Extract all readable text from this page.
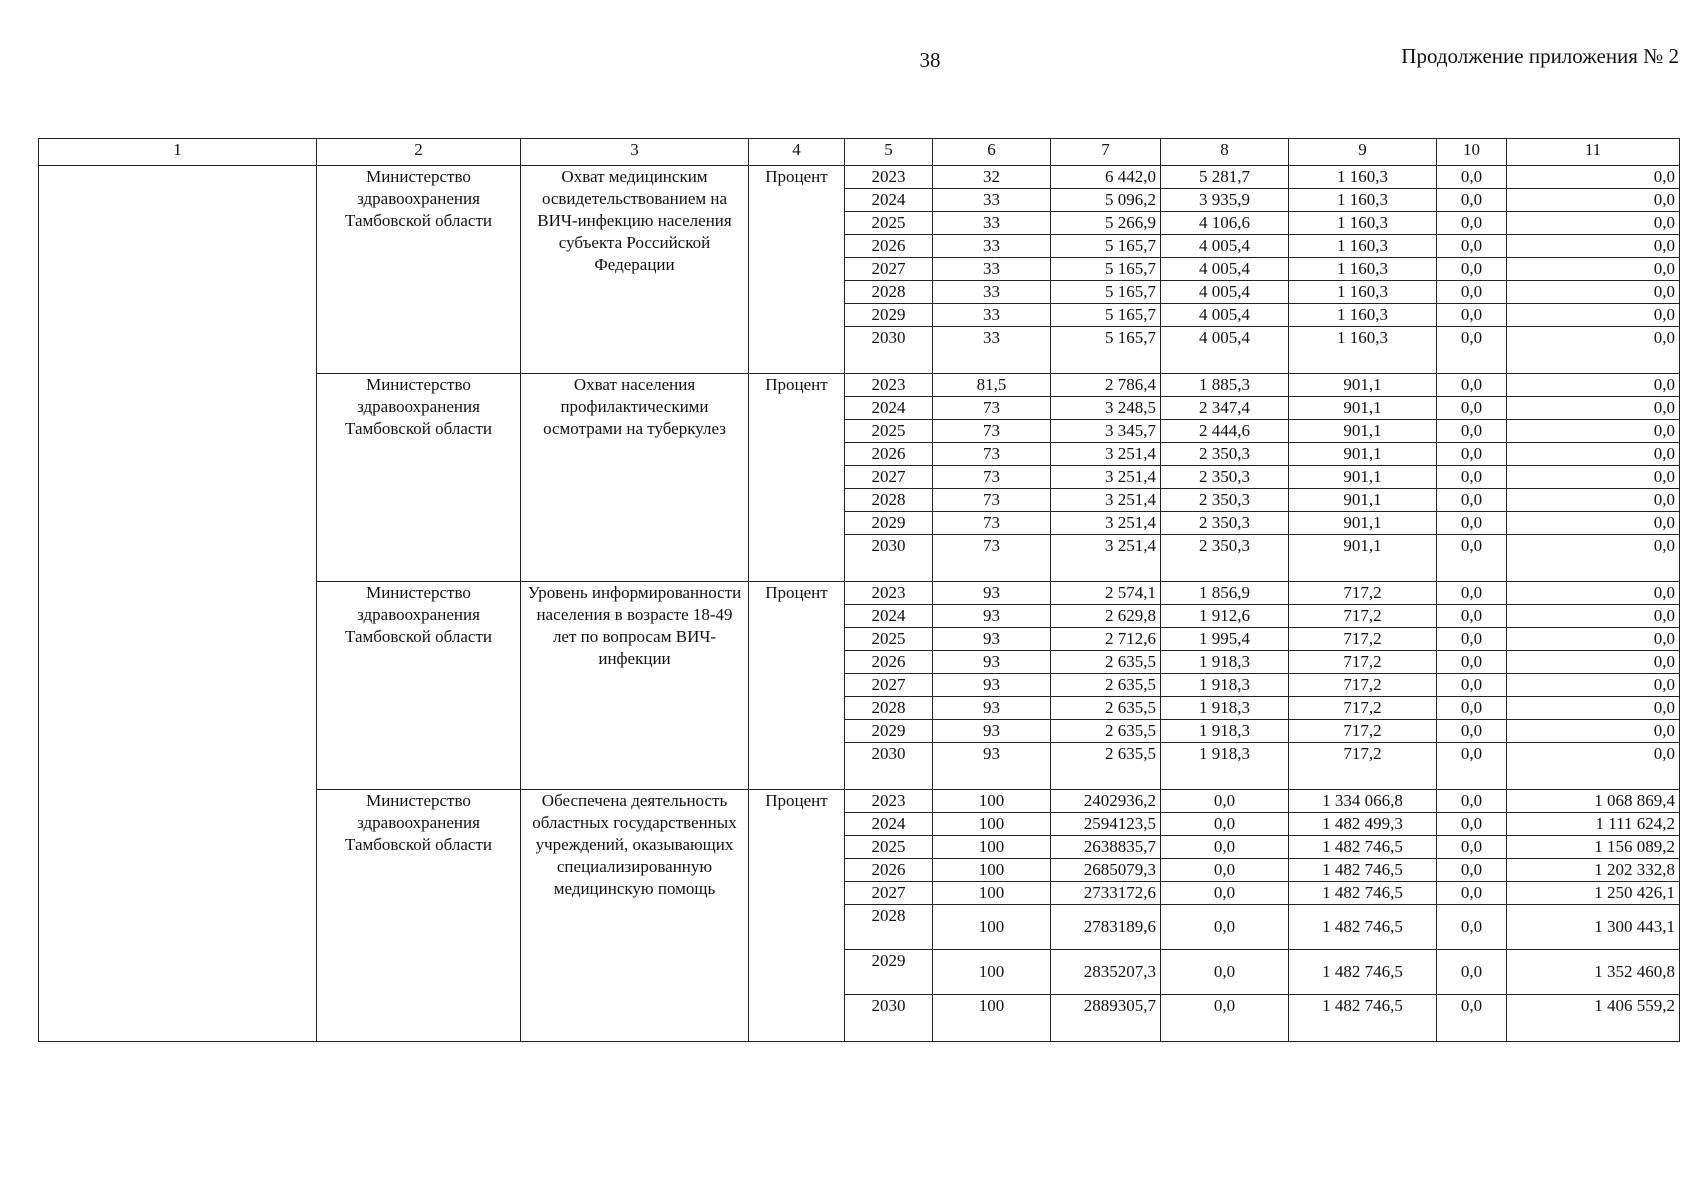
38	Продолжение приложения № 2
1	2	3	4	5	6	7	8	9	10	11
	Министерство здравоохранения Тамбовской области	Охват медицинским освидетельствованием на ВИЧ-инфекцию населения субъекта Российской Федерации	Процент	2023	32	6 442,0	5 281,7	1 160,3	0,0	0,0
				2024	33	5 096,2	3 935,9	1 160,3	0,0	0,0
				2025	33	5 266,9	4 106,6	1 160,3	0,0	0,0
				2026	33	5 165,7	4 005,4	1 160,3	0,0	0,0
				2027	33	5 165,7	4 005,4	1 160,3	0,0	0,0
				2028	33	5 165,7	4 005,4	1 160,3	0,0	0,0
				2029	33	5 165,7	4 005,4	1 160,3	0,0	0,0
				2030	33	5 165,7	4 005,4	1 160,3	0,0	0,0
	Министерство здравоохранения Тамбовской области	Охват населения профилактическими осмотрами на туберкулез	Процент	2023	81,5	2 786,4	1 885,3	901,1	0,0	0,0
				2024	73	3 248,5	2 347,4	901,1	0,0	0,0
				2025	73	3 345,7	2 444,6	901,1	0,0	0,0
				2026	73	3 251,4	2 350,3	901,1	0,0	0,0
				2027	73	3 251,4	2 350,3	901,1	0,0	0,0
				2028	73	3 251,4	2 350,3	901,1	0,0	0,0
				2029	73	3 251,4	2 350,3	901,1	0,0	0,0
				2030	73	3 251,4	2 350,3	901,1	0,0	0,0
	Министерство здравоохранения Тамбовской области	Уровень информированности населения в возрасте 18-49 лет по вопросам ВИЧ-инфекции	Процент	2023	93	2 574,1	1 856,9	717,2	0,0	0,0
				2024	93	2 629,8	1 912,6	717,2	0,0	0,0
				2025	93	2 712,6	1 995,4	717,2	0,0	0,0
				2026	93	2 635,5	1 918,3	717,2	0,0	0,0
				2027	93	2 635,5	1 918,3	717,2	0,0	0,0
				2028	93	2 635,5	1 918,3	717,2	0,0	0,0
				2029	93	2 635,5	1 918,3	717,2	0,0	0,0
				2030	93	2 635,5	1 918,3	717,2	0,0	0,0
	Министерство здравоохранения Тамбовской области	Обеспечена деятельность областных государственных учреждений, оказывающих специализированную медицинскую помощь	Процент	2023	100	2402936,2	0,0	1 334 066,8	0,0	1 068 869,4
				2024	100	2594123,5	0,0	1 482 499,3	0,0	1 111 624,2
				2025	100	2638835,7	0,0	1 482 746,5	0,0	1 156 089,2
				2026	100	2685079,3	0,0	1 482 746,5	0,0	1 202 332,8
				2027	100	2733172,6	0,0	1 482 746,5	0,0	1 250 426,1
				2028	100	2783189,6	0,0	1 482 746,5	0,0	1 300 443,1
				2029	100	2835207,3	0,0	1 482 746,5	0,0	1 352 460,8
				2030	100	2889305,7	0,0	1 482 746,5	0,0	1 406 559,2
